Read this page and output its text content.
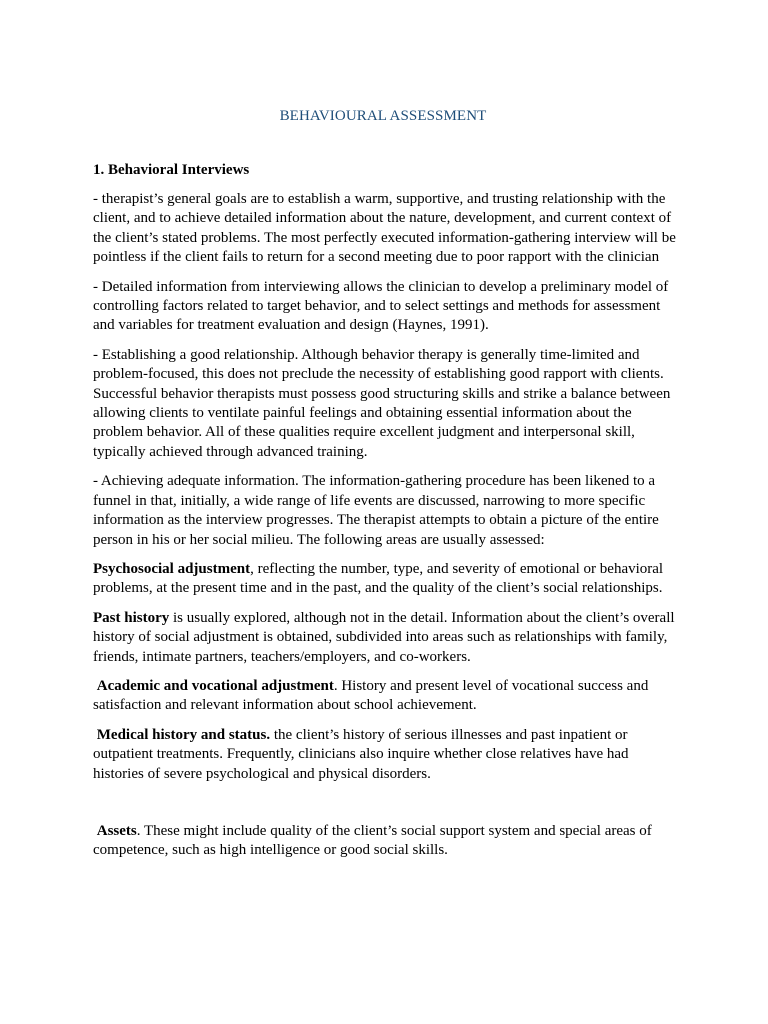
BEHAVIOURAL ASSESSMENT
1. Behavioral Interviews

- therapist’s general goals are to establish a warm, supportive, and trusting relationship with the client, and to achieve detailed information about the nature, development, and current context of the client’s stated problems. The most perfectly executed information-gathering interview will be pointless if the client fails to return for a second meeting due to poor rapport with the clinician

- Detailed information from interviewing allows the clinician to develop a preliminary model of controlling factors related to target behavior, and to select settings and methods for assessment and variables for treatment evaluation and design (Haynes, 1991).

- Establishing a good relationship. Although behavior therapy is generally time-limited and problem-focused, this does not preclude the necessity of establishing good rapport with clients. Successful behavior therapists must possess good structuring skills and strike a balance between allowing clients to ventilate painful feelings and obtaining essential information about the problem behavior. All of these qualities require excellent judgment and interpersonal skill, typically achieved through advanced training.

- Achieving adequate information. The information-gathering procedure has been likened to a funnel in that, initially, a wide range of life events are discussed, narrowing to more specific information as the interview progresses. The therapist attempts to obtain a picture of the entire person in his or her social milieu. The following areas are usually assessed:

Psychosocial adjustment, reflecting the number, type, and severity of emotional or behavioral problems, at the present time and in the past, and the quality of the client’s social relationships.

Past history is usually explored, although not in the detail. Information about the client’s overall history of social adjustment is obtained, subdivided into areas such as relationships with family, friends, intimate partners, teachers/employers, and co-workers.

Academic and vocational adjustment. History and present level of vocational success and satisfaction and relevant information about school achievement.

Medical history and status. the client’s history of serious illnesses and past inpatient or outpatient treatments. Frequently, clinicians also inquire whether close relatives have had histories of severe psychological and physical disorders.

Assets. These might include quality of the client’s social support system and special areas of competence, such as high intelligence or good social skills.
